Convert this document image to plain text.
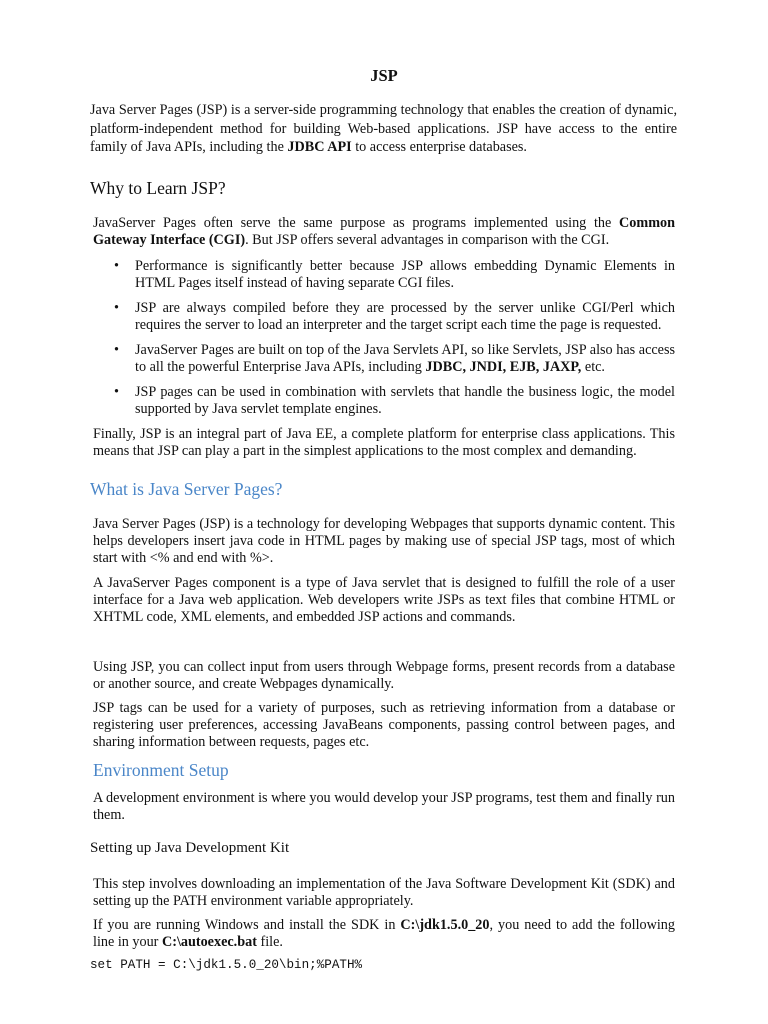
JSP

Java Server Pages (JSP) is a server-side programming technology that enables the creation of dynamic, platform-independent method for building Web-based applications. JSP have access to the entire family of Java APIs, including the JDBC API to access enterprise databases.

Why to Learn JSP?

JavaServer Pages often serve the same purpose as programs implemented using the Common Gateway Interface (CGI). But JSP offers several advantages in comparison with the CGI.

• Performance is significantly better because JSP allows embedding Dynamic Elements in HTML Pages itself instead of having separate CGI files.
• JSP are always compiled before they are processed by the server unlike CGI/Perl which requires the server to load an interpreter and the target script each time the page is requested.
• JavaServer Pages are built on top of the Java Servlets API, so like Servlets, JSP also has access to all the powerful Enterprise Java APIs, including JDBC, JNDI, EJB, JAXP, etc.
• JSP pages can be used in combination with servlets that handle the business logic, the model supported by Java servlet template engines.

Finally, JSP is an integral part of Java EE, a complete platform for enterprise class applications. This means that JSP can play a part in the simplest applications to the most complex and demanding.

What is Java Server Pages?

Java Server Pages (JSP) is a technology for developing Webpages that supports dynamic content. This helps developers insert java code in HTML pages by making use of special JSP tags, most of which start with <% and end with %>.

A JavaServer Pages component is a type of Java servlet that is designed to fulfill the role of a user interface for a Java web application. Web developers write JSPs as text files that combine HTML or XHTML code, XML elements, and embedded JSP actions and commands.

Using JSP, you can collect input from users through Webpage forms, present records from a database or another source, and create Webpages dynamically.

JSP tags can be used for a variety of purposes, such as retrieving information from a database or registering user preferences, accessing JavaBeans components, passing control between pages, and sharing information between requests, pages etc.

Environment Setup

A development environment is where you would develop your JSP programs, test them and finally run them.

Setting up Java Development Kit

This step involves downloading an implementation of the Java Software Development Kit (SDK) and setting up the PATH environment variable appropriately.

If you are running Windows and install the SDK in C:\jdk1.5.0_20, you need to add the following line in your C:\autoexec.bat file.

set PATH = C:\jdk1.5.0_20\bin;%PATH%
